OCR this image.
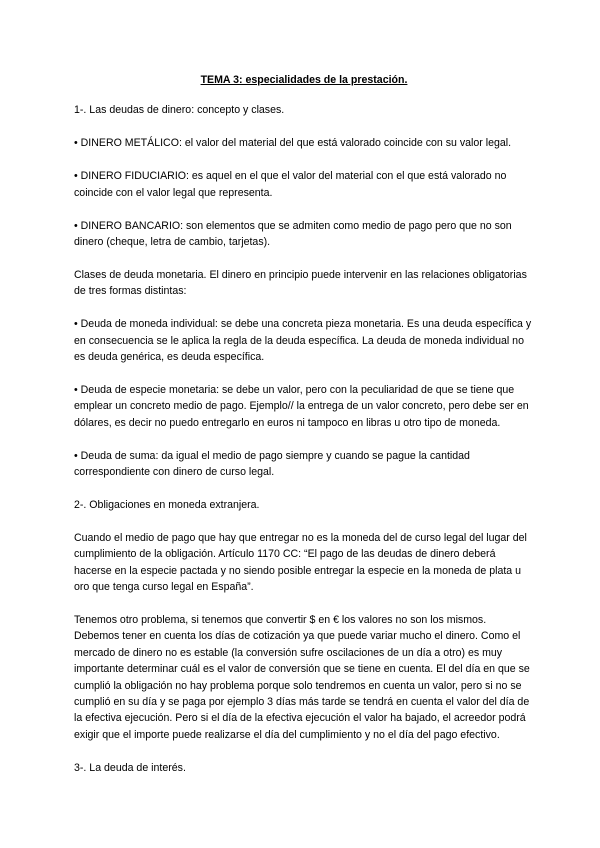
TEMA 3: especialidades de la prestación.
1-. Las deudas de dinero: concepto y clases.
• DINERO METÁLICO: el valor del material del que está valorado coincide con su valor legal.
• DINERO FIDUCIARIO: es aquel en el que el valor del material con el que está valorado no coincide con el valor legal que representa.
• DINERO BANCARIO: son elementos que se admiten como medio de pago pero que no son dinero (cheque, letra de cambio, tarjetas).
Clases de deuda monetaria. El dinero en principio puede intervenir en las relaciones obligatorias de tres formas distintas:
• Deuda de moneda individual: se debe una concreta pieza monetaria. Es una deuda específica y en consecuencia se le aplica la regla de la deuda específica. La deuda de moneda individual no es deuda genérica, es deuda específica.
• Deuda de especie monetaria: se debe un valor, pero con la peculiaridad de que se tiene que emplear un concreto medio de pago. Ejemplo// la entrega de un valor concreto, pero debe ser en dólares, es decir no puedo entregarlo en euros ni tampoco en libras u otro tipo de moneda.
• Deuda de suma: da igual el medio de pago siempre y cuando se pague la cantidad correspondiente con dinero de curso legal.
2-. Obligaciones en moneda extranjera.
Cuando el medio de pago que hay que entregar no es la moneda del de curso legal del lugar del cumplimiento de la obligación. Artículo 1170 CC: “El pago de las deudas de dinero deberá hacerse en la especie pactada y no siendo posible entregar la especie en la moneda de plata u oro que tenga curso legal en España”.
Tenemos otro problema, si tenemos que convertir $ en € los valores no son los mismos. Debemos tener en cuenta los días de cotización ya que puede variar mucho el dinero. Como el mercado de dinero no es estable (la conversión sufre oscilaciones de un día a otro) es muy importante determinar cuál es el valor de conversión que se tiene en cuenta. El del día en que se cumplió la obligación no hay problema porque solo tendremos en cuenta un valor, pero si no se cumplió en su día y se paga por ejemplo 3 días más tarde se tendrá en cuenta el valor del día de la efectiva ejecución. Pero si el día de la efectiva ejecución el valor ha bajado, el acreedor podrá exigir que el importe puede realizarse el día del cumplimiento y no el día del pago efectivo.
3-. La deuda de interés.
